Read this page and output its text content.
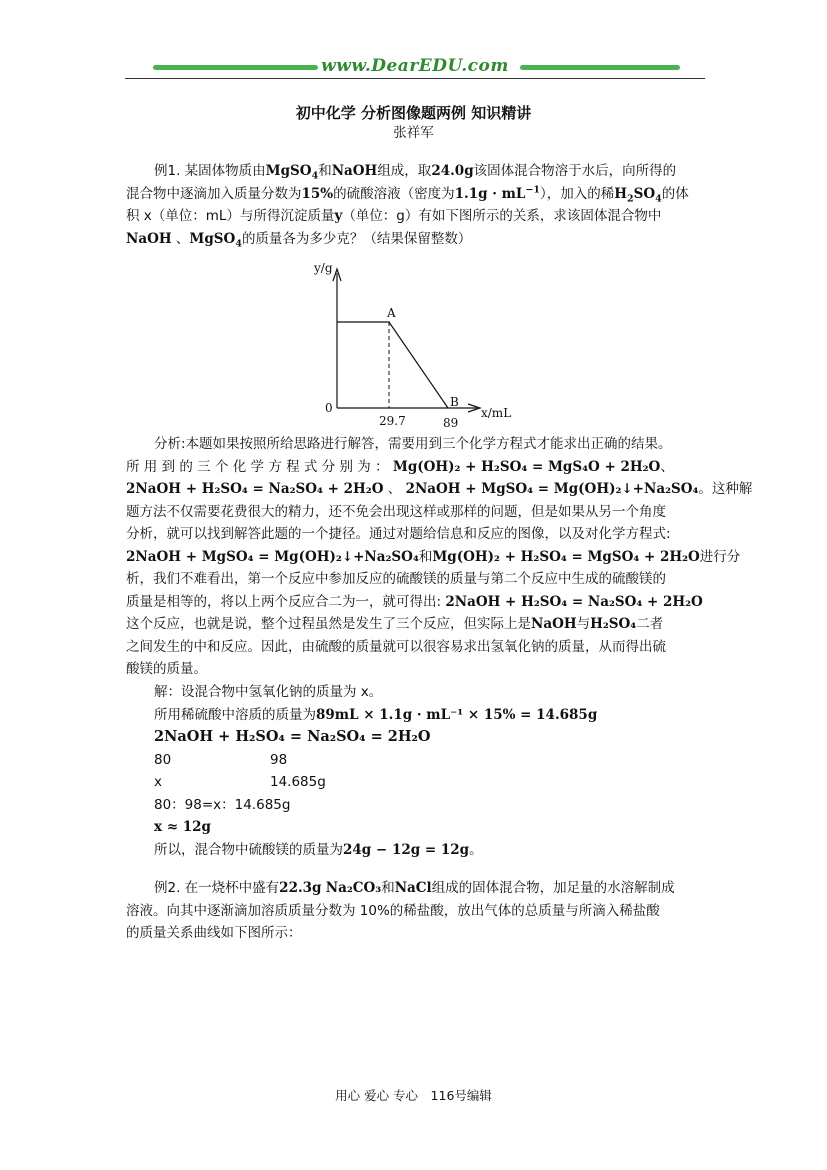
www.DearEDU.com
初中化学 分析图像题两例 知识精讲
张祥军

例1. 某固体物质由MgSO$_4$和NaOH组成，取24.0g该固体混合物溶于水后，向所得的

混合物中逐滴加入质量分数为15%的硫酸溶液（密度为$1.1g \cdot mL^{-1}$），加入的稀$H_2SO_4$的体

积 x（单位：mL）与所得沉淀质量y（单位：g）有如下图所示的关系，求该固体混合物中

NaOH 、MgSO$_4$的质量各为多少克？（结果保留整数）

y/g
x/mL
0
A
B
29.7	89

分析:本题如果按照所给思路进行解答，需要用到三个化学方程式才能求出正确的结果。

所 用 到 的 三 个 化 学 方 程 式 分 别 为 ： Mg(OH)₂ + H₂SO₄ = MgS₄O + 2H₂O、

2NaOH + H₂SO₄ = Na₂SO₄ + 2H₂O 、 2NaOH + MgSO₄ = Mg(OH)₂↓+Na₂SO₄。这种解

题方法不仅需要花费很大的精力，还不免会出现这样或那样的问题，但是如果从另一个角度

分析，就可以找到解答此题的一个捷径。通过对题给信息和反应的图像，以及对化学方程式:

2NaOH + MgSO₄ = Mg(OH)₂↓+Na₂SO₄和Mg(OH)₂ + H₂SO₄ = MgSO₄ + 2H₂O进行分

析，我们不难看出，第一个反应中参加反应的硫酸镁的质量与第二个反应中生成的硫酸镁的

质量是相等的，将以上两个反应合二为一，就可得出: 2NaOH + H₂SO₄ = Na₂SO₄ + 2H₂O

这个反应，也就是说，整个过程虽然是发生了三个反应，但实际上是NaOH与H₂SO₄二者

之间发生的中和反应。因此，由硫酸的质量就可以很容易求出氢氧化钠的质量，从而得出硫

酸镁的质量。

解：设混合物中氢氧化钠的质量为 x。

所用稀硫酸中溶质的质量为89mL × 1.1g · mL⁻¹ × 15% = 14.685g

2NaOH + H₂SO₄ = Na₂SO₄ = 2H₂O

80	98

x	14.685g

80：98=x：14.685g

x ≈ 12g

所以，混合物中硫酸镁的质量为24g − 12g = 12g。

例2. 在一烧杯中盛有22.3g Na₂CO₃和NaCl组成的固体混合物，加足量的水溶解制成

溶液。向其中逐渐滴加溶质质量分数为 10%的稀盐酸，放出气体的总质量与所滴入稀盐酸

的质量关系曲线如下图所示：

用心 爱心 专心　116号编辑
